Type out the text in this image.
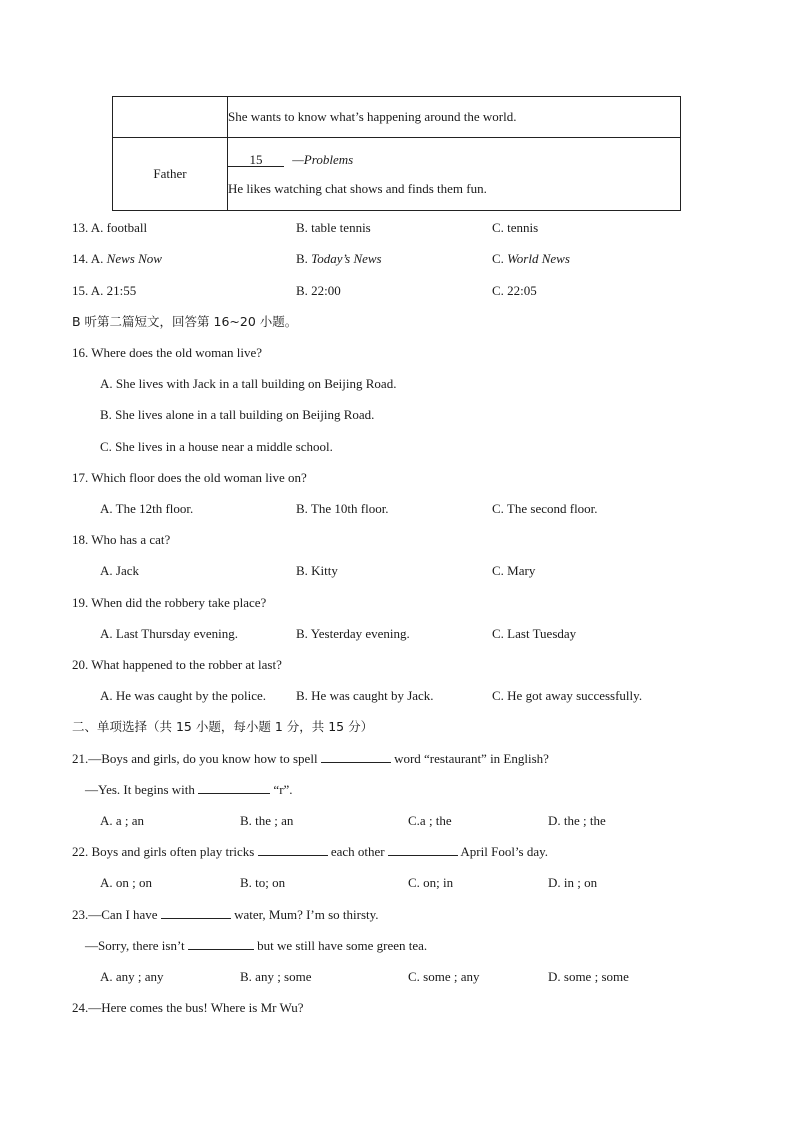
	She wants to know what’s happening around the world.
Father	15 —Problems
He likes watching chat shows and finds them fun.
13. A. football	B. table tennis	C. tennis
14. A. News Now	B. Today’s News	C. World News
15. A. 21:55	B. 22:00	C. 22:05
B 听第二篇短文，回答第 16~20 小题。
16. Where does the old woman live?
A. She lives with Jack in a tall building on Beijing Road.
B. She lives alone in a tall building on Beijing Road.
C. She lives in a house near a middle school.
17. Which floor does the old woman live on?
A. The 12th floor.	B. The 10th floor.	C. The second floor.
18. Who has a cat?
A. Jack	B. Kitty	C. Mary
19. When did the robbery take place?
A. Last Thursday evening.	B. Yesterday evening.	C. Last Tuesday
20. What happened to the robber at last?
A. He was caught by the police. B. He was caught by Jack.	C. He got away successfully.
二、单项选择（共 15 小题，每小题 1 分，共 15 分）
21.—Boys and girls, do you know how to spell	word “restaurant” in English?
—Yes. It begins with	“r”.
A. a ; an	B. the ; an	C.a ; the	D. the ; the
22. Boys and girls often play tricks	each other	April Fool’s day.
A. on ; on	B. to; on	C. on; in	D. in ; on
23.—Can I have	water, Mum? I’m so thirsty.
—Sorry, there isn’t	but we still have some green tea.
A. any ; any	B. any ; some	C. some ; any	D. some ; some
24.—Here comes the bus! Where is Mr Wu?
